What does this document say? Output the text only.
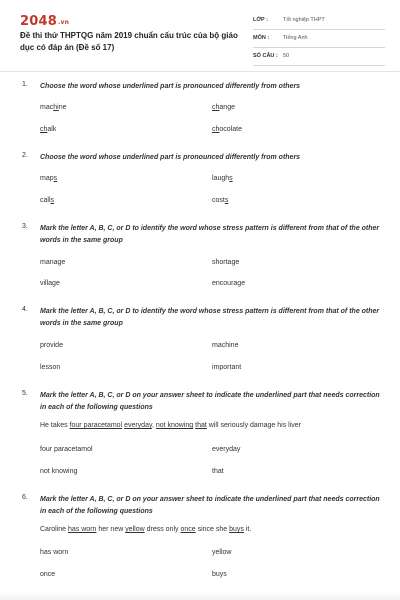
2048.vn
Đề thi thử THPTQG năm 2019 chuẩn cấu trúc của bộ giáo dục có đáp án (Đề số 17)
LỚP :	Tốt nghiệp THPT
MÔN :	Tiếng Anh
SỐ CÂU : 50
1. Choose the word whose underlined part is pronounced differently from others
machine	change
chalk	chocolate
2. Choose the word whose underlined part is pronounced differently from others
maps	laughs
calls	costs
3. Mark the letter A, B, C, or D to identify the word whose stress pattern is different from that of the other words in the same group
manage	shortage
village	encourage
4. Mark the letter A, B, C, or D to identify the word whose stress pattern is different from that of the other words in the same group
provide	machine
lesson	important
5. Mark the letter A, B, C, or D on your answer sheet to indicate the underlined part that needs correction in each of the following questions
He takes four paracetamol everyday, not knowing that will seriously damage his liver
four paracetamol	everyday
not knowing	that
6. Mark the letter A, B, C, or D on your answer sheet to indicate the underlined part that needs correction in each of the following questions
Caroline has worn her new yellow dress only once since she buys it.
has worn	yellow
once	buys
